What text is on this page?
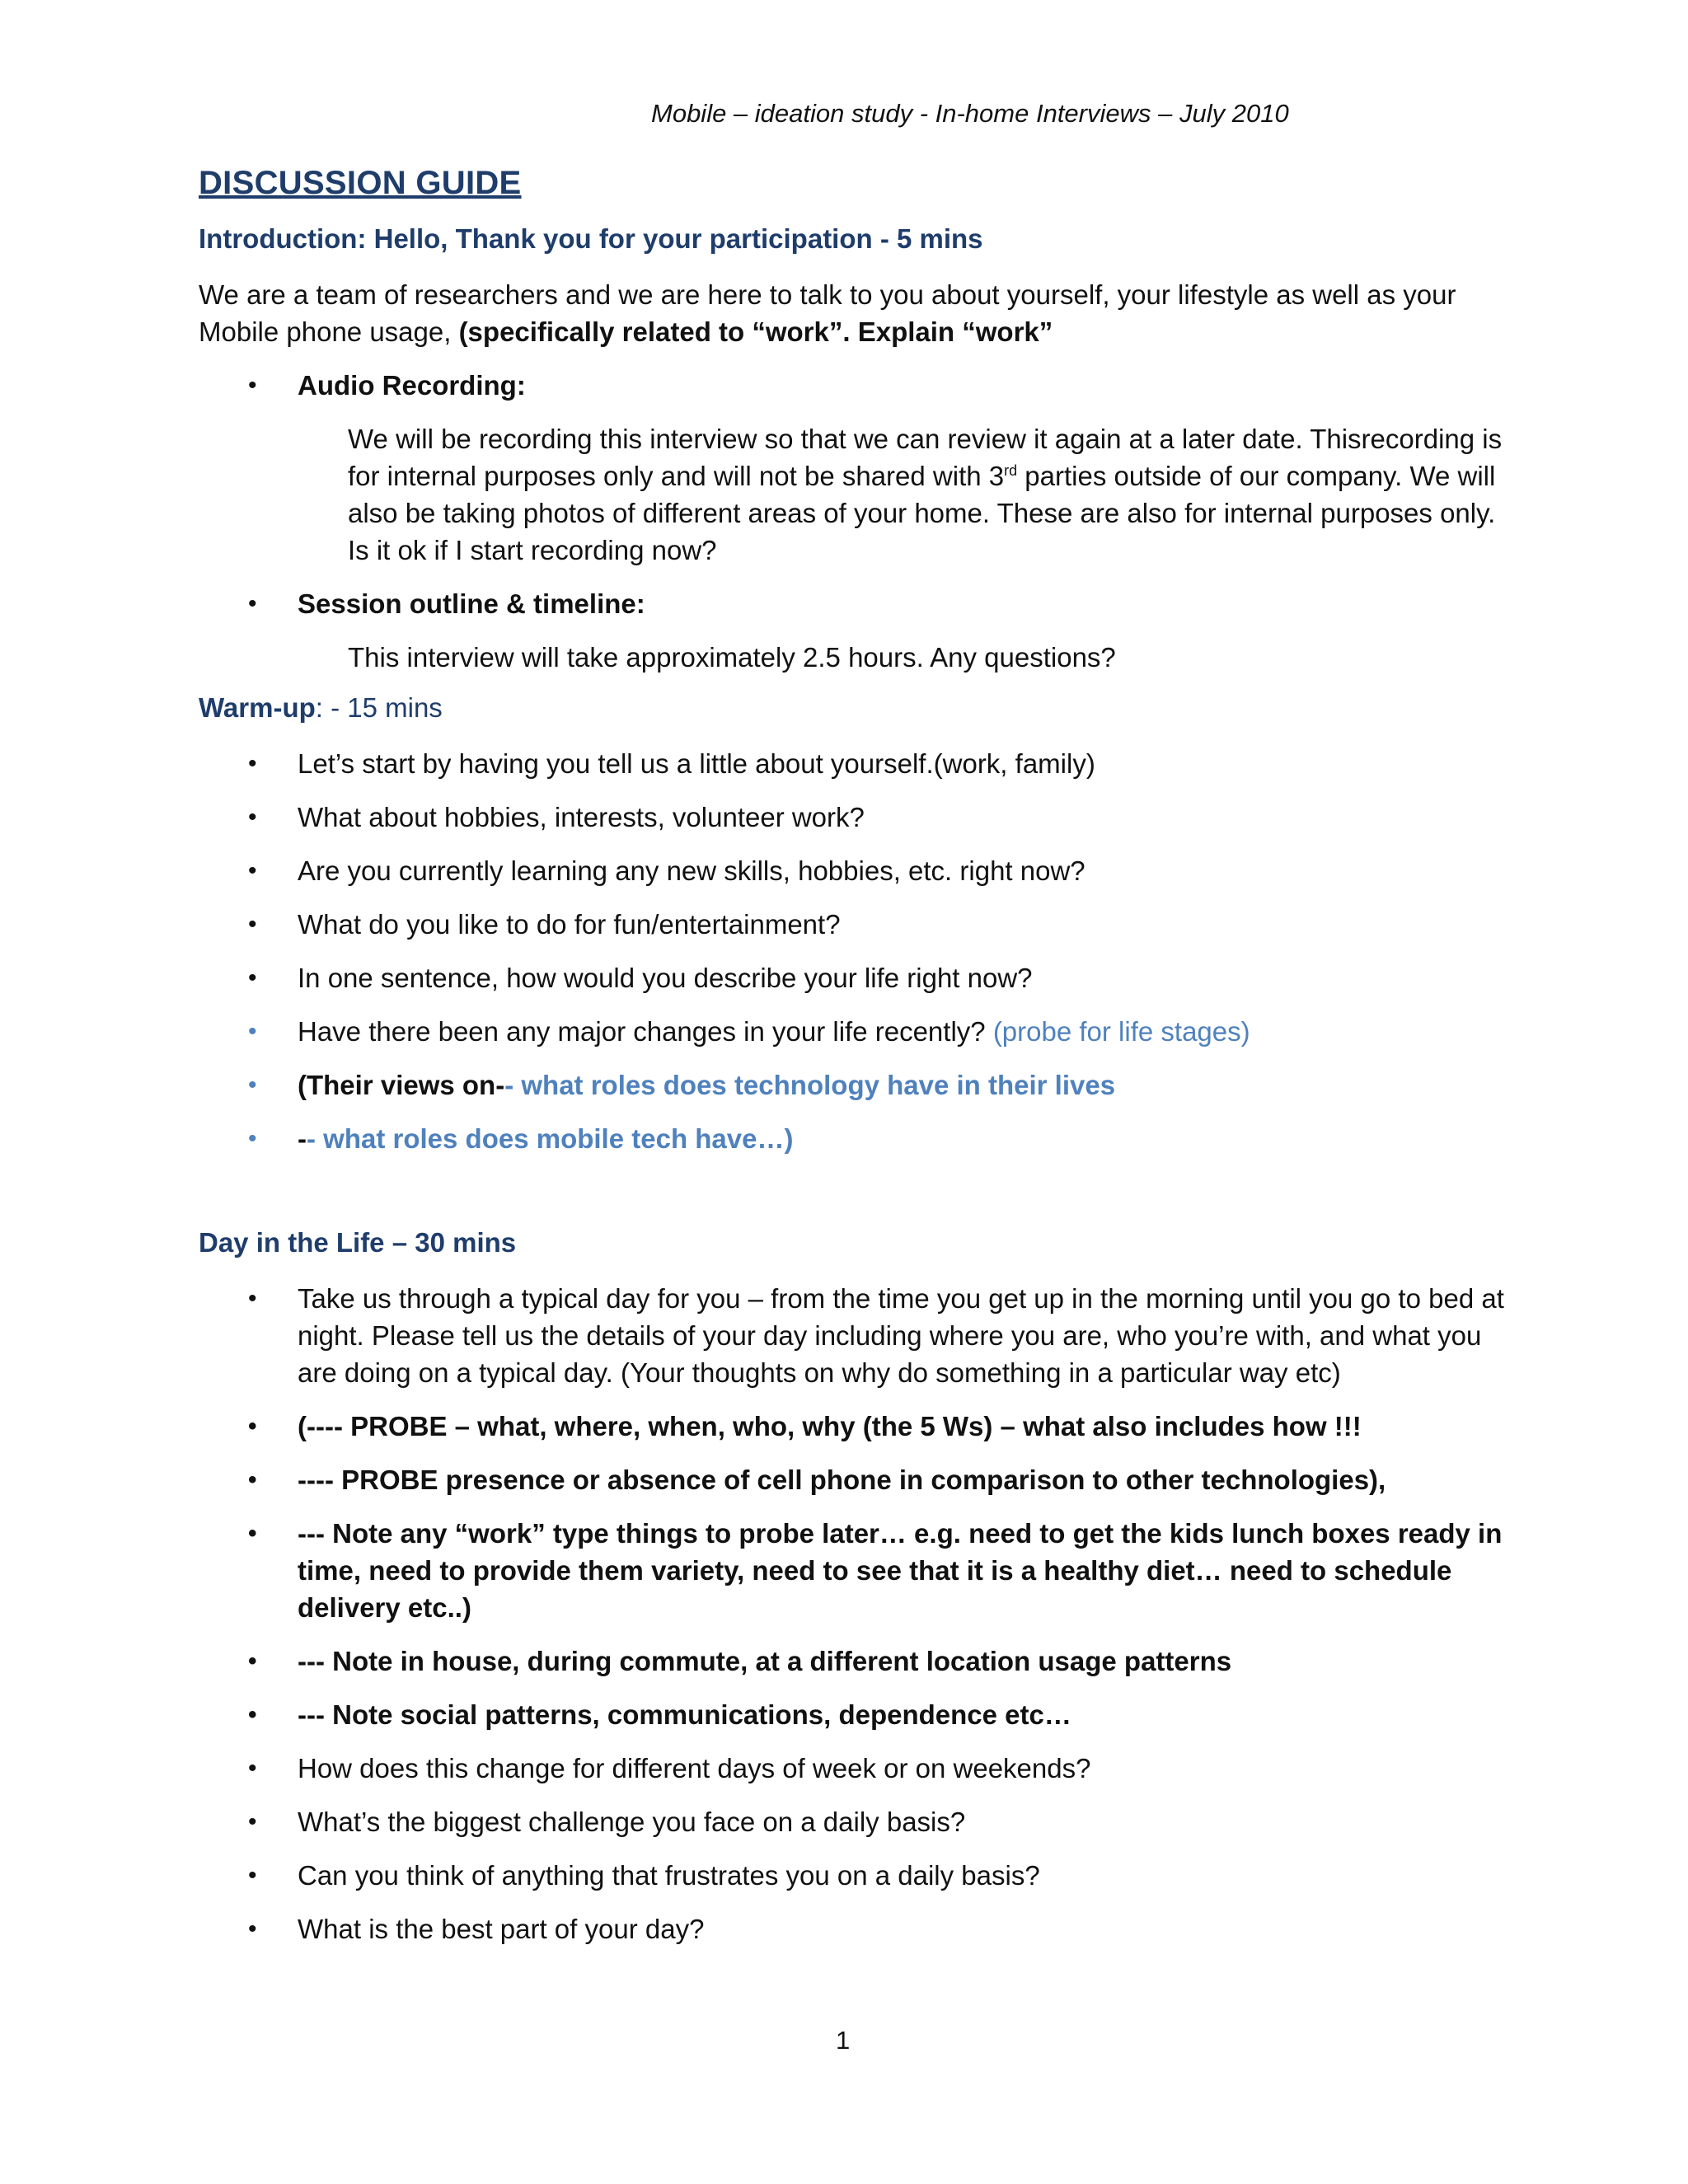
Mobile – ideation study - In-home Interviews – July 2010
DISCUSSION GUIDE
Introduction: Hello, Thank you for your participation - 5 mins

We are a team of researchers and we are here to talk to you about yourself, your lifestyle as well as your Mobile phone usage, (specifically related to “work”. Explain “work”

• Audio Recording:

We will be recording this interview so that we can review it again at a later date. Thisrecording is for internal purposes only and will not be shared with 3rd parties outside of our company. We will also be taking photos of different areas of your home. These are also for internal purposes only. Is it ok if I start recording now?

• Session outline & timeline:

This interview will take approximately 2.5 hours. Any questions?

Warm-up: - 15 mins
• Let’s start by having you tell us a little about yourself.(work, family)
• What about hobbies, interests, volunteer work?
• Are you currently learning any new skills, hobbies, etc. right now?
• What do you like to do for fun/entertainment?
• In one sentence, how would you describe your life right now?
• Have there been any major changes in your life recently? (probe for life stages)
• (Their views on-- what roles does technology have in their lives
• -- what roles does mobile tech have…)
Day in the Life – 30 mins
• Take us through a typical day for you – from the time you get up in the morning until you go to bed at night. Please tell us the details of your day including where you are, who you’re with, and what you are doing on a typical day. (Your thoughts on why do something in a particular way etc)
• (---- PROBE – what, where, when, who, why (the 5 Ws) – what also includes how !!!
• ---- PROBE presence or absence of cell phone in comparison to other technologies),
• --- Note any “work” type things to probe later… e.g. need to get the kids lunch boxes ready in time, need to provide them variety, need to see that it is a healthy diet… need to schedule delivery etc..)
• --- Note in house, during commute, at a different location usage patterns
• --- Note social patterns, communications, dependence etc…
• How does this change for different days of week or on weekends?
• What’s the biggest challenge you face on a daily basis?
• Can you think of anything that frustrates you on a daily basis?
• What is the best part of your day?
1
